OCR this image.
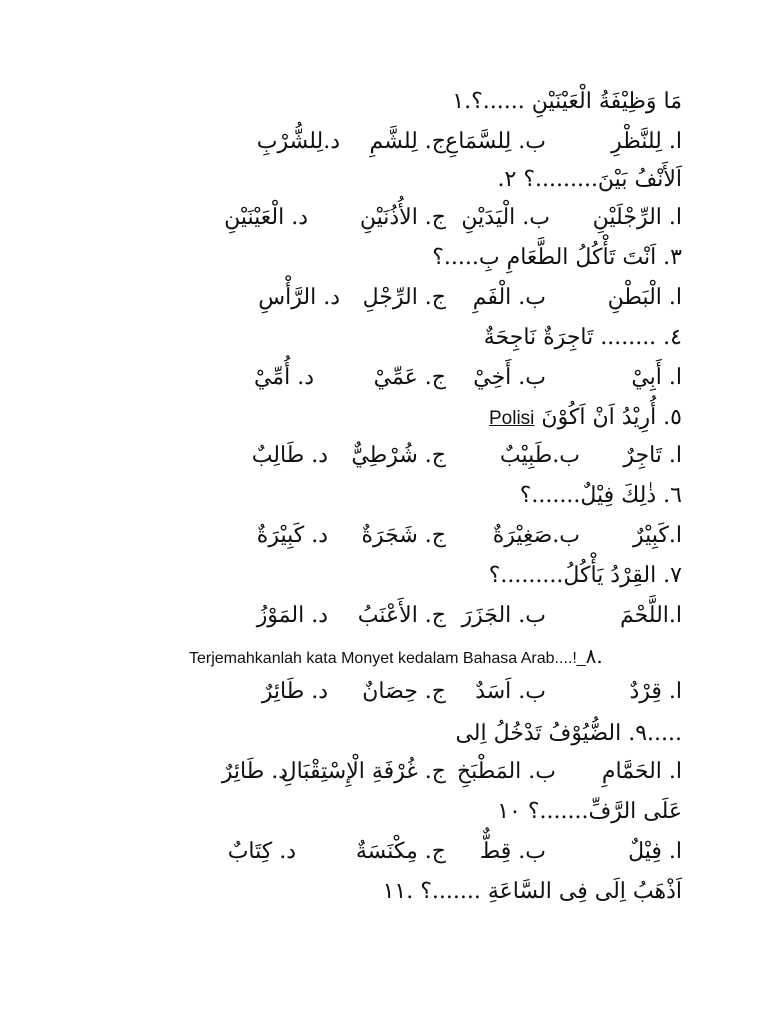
مَا وَظِيْفَةُ الْعَيْنَيْنِ ......؟.١
ا. لِلنَّظْرِ
ب. لِلسَّمَاعِ
ج. لِلشَّمِ
د.لِلشُّرْبِ
اَلأَنْفُ بَيْنَ.........؟ ٢.
ا. الرِّجْلَيْنِ
ب. الْيَدَيْنِ
ج. الأُذُنَيْنِ
د. الْعَيْنَيْنِ
٣. اَنْتَ تَأْكُلُ الطَّعَامِ بِ.....؟
ا. الْبَطْنِ
ب. الْفَمِ
ج. الرِّجْلِ
د. الرَّأْسِ
٤. ........ تَاجِرَةٌ نَاجِحَةٌ
ا. أَبِيْ
ب. أَخِيْ
ج. عَمِّيْ
د. أُمِّيْ
٥. أُرِيْدُ اَنْ اَكُوْنَ Polisi
ا. تَاجِرٌ
ب.طَبِيْبٌ
ج. شُرْطِيٌّ
د. طَالِبٌ
٦. ذٰلِكَ فِيْلٌ.......؟
ا.كَبِيْرٌ
ب.صَغِيْرَةٌ
ج. شَجَرَةٌ
د. كَبِيْرَةٌ
٧. القِرْدُ يَأْكُلُ.........؟
ا.اللَّحْمَ
ب. الجَزَرَ
ج. الأَعْنَبُ
د. المَوْزُ
Terjemahkanlah kata Monyet kedalam Bahasa Arab....!_٨.
ا. قِرْدٌ
ب. اَسَدٌ
ج. حِصَانٌ
د. طَائِرٌ
.....٩. الضُّيُوْفُ تَدْخُلُ اِلى
ا. الحَمَّامِ
ب. المَطْبَخِ
ج. غُرْفَةِ الْإِسْتِقْبَالِ
د. طَائِرٌ
عَلَى الرَّفِّ.......؟ ١٠
ا. فِيْلٌ
ب. قِطٌّ
ج. مِكْنَسَةٌ
د. كِتَابٌ
اَذْهَبُ اِلَى فِى السَّاعَةِ .......؟ .١١
